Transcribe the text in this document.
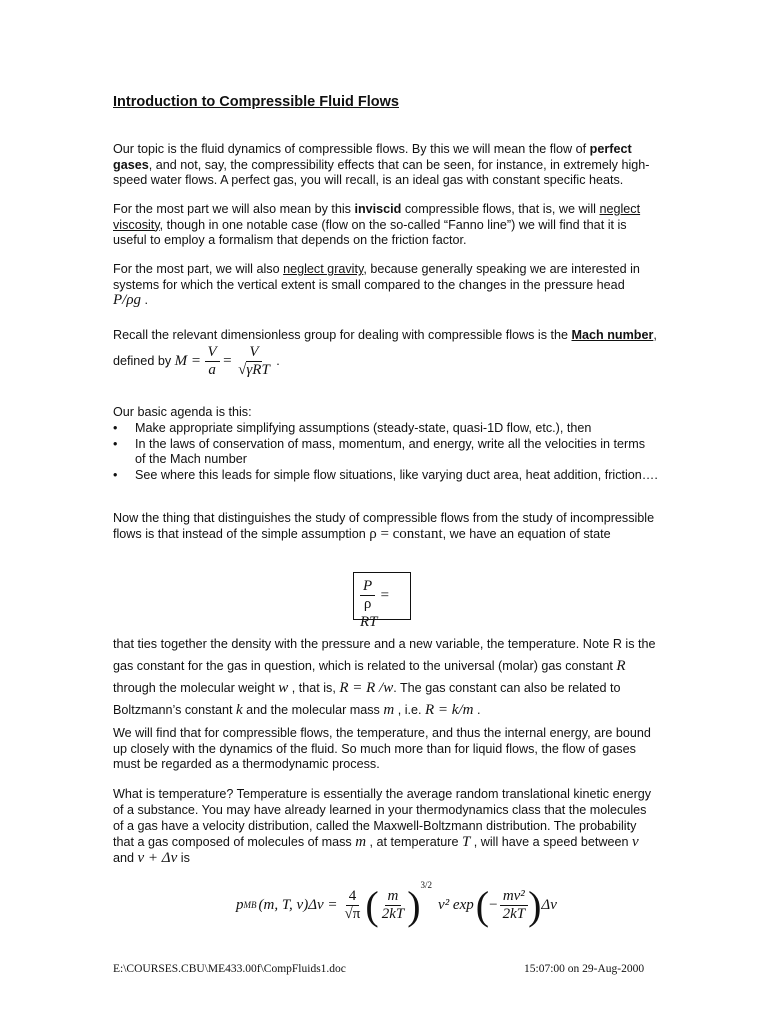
Introduction to Compressible Fluid Flows
Our topic is the fluid dynamics of compressible flows. By this we will mean the flow of perfect gases, and not, say, the compressibility effects that can be seen, for instance, in extremely high-speed water flows. A perfect gas, you will recall, is an ideal gas with constant specific heats.
For the most part we will also mean by this inviscid compressible flows, that is, we will neglect viscosity, though in one notable case (flow on the so-called “Fanno line”) we will find that it is useful to employ a formalism that depends on the friction factor.
For the most part, we will also neglect gravity, because generally speaking we are interested in systems for which the vertical extent is small compared to the changes in the pressure head
P/ρg .
Recall the relevant dimensionless group for dealing with compressible flows is the Mach number, defined by $M = \frac{V}{a} = \frac{V}{\text{√γRT}}$ .
Our basic agenda is this:
• Make appropriate simplifying assumptions (steady-state, quasi-1D flow, etc.), then
• In the laws of conservation of mass, momentum, and energy, write all the velocities in terms of the Mach number
• See where this leads for simple flow situations, like varying duct area, heat addition, friction….
Now the thing that distinguishes the study of compressible flows from the study of incompressible flows is that instead of the simple assumption ρ = constant, we have an equation of state
$\frac{P}{\rho}$ = RT
that ties together the density with the pressure and a new variable, the temperature. Note R is the gas constant for the gas in question, which is related to the universal (molar) gas constant R through the molecular weight w , that is, R = R /w. The gas constant can also be related to Boltzmann’s constant k and the molecular mass m , i.e. R = k/m .
We will find that for compressible flows, the temperature, and thus the internal energy, are bound up closely with the dynamics of the fluid. So much more than for liquid flows, the flow of gases must be regarded as a thermodynamic process.
What is temperature? Temperature is essentially the average random translational kinetic energy of a substance. You may have already learned in your thermodynamics class that the molecules of a gas have a velocity distribution, called the Maxwell-Boltzmann distribution. The probability that a gas composed of molecules of mass m , at temperature T , will have a speed between v and v + Δv is
p MB (m, T, $v)\Delta v = \frac{4}{√\pi}$ ( $\frac{m}{2kT}$ ) 3/2
v² exp ( − $\frac{\text{mv²}}{2kT}$ ) Δv
E:\COURSES.CBU\ME433.00f\CompFluids1.doc	15:07:00 on 29-Aug-2000
